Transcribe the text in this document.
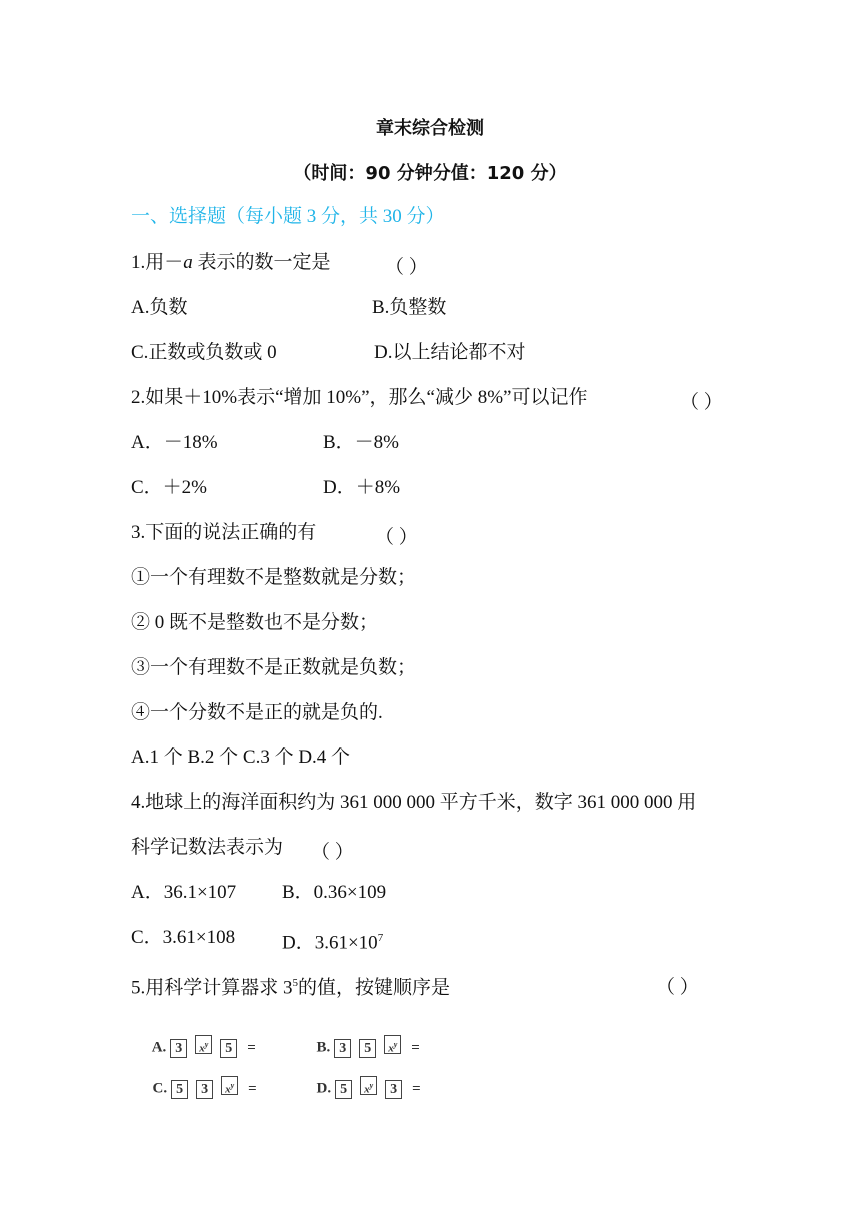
章末综合检测
（时间：90 分钟分值：120 分）
一、选择题（每小题 3 分，共 30 分）
1.用－a 表示的数一定是	（ ）
A.负数	B.负整数
C.正数或负数或 0	D.以上结论都不对
2.如果＋10%表示“增加 10%”，那么“减少 8%”可以记作	（ ）
A．－18%	B．－8%
C．＋2%	D．＋8%
3.下面的说法正确的有	（ ）
①一个有理数不是整数就是分数；
② 0 既不是整数也不是分数；
③一个有理数不是正数就是负数；
④一个分数不是正的就是负的.
A.1 个 B.2 个 C.3 个 D.4 个
4.地球上的海洋面积约为 361 000 000 平方千米，数字 361 000 000 用
科学记数法表示为 （ ）
A．36.1×107 B．0.36×109
C．3.61×108 D．$3.61\times 10^7$
5.用科学计算器求 $3^5$的值，按键顺序是	（ ）

A. 3 $x^y$ 5 =	B. 3 5 $x^y$ =

C. 5 3 $x^y$ =	D. 5 $x^y$ 3 =
